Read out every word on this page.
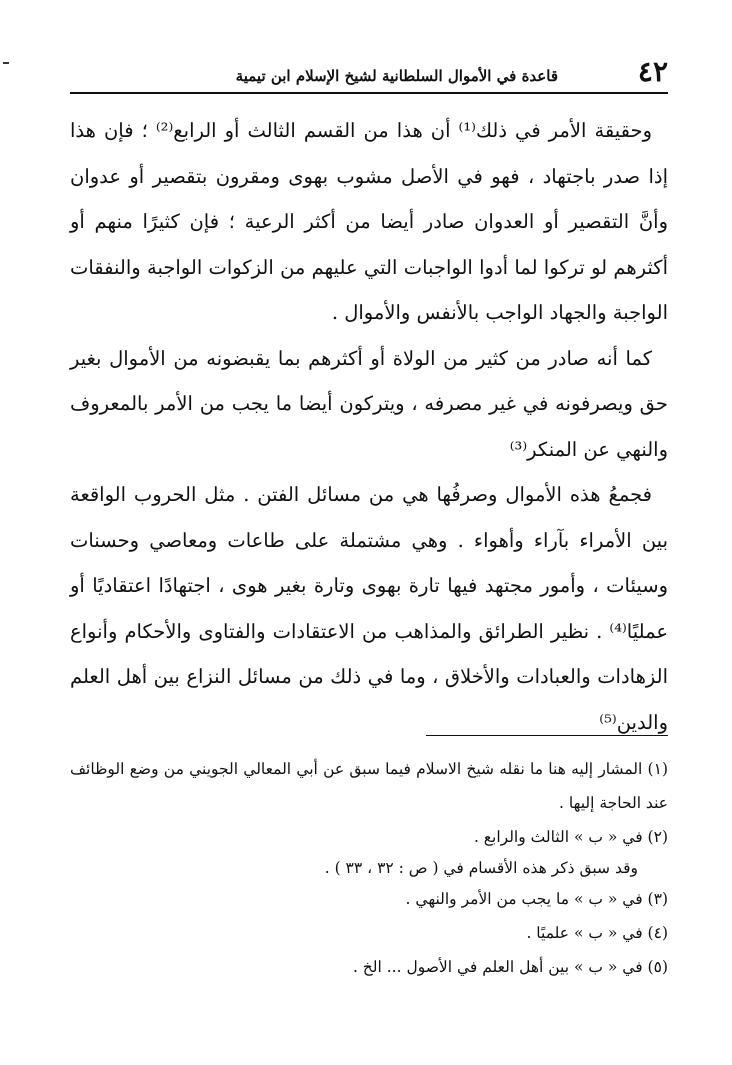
٤٢
قاعدة في الأموال السلطانية لشيخ الإسلام ابن تيمية

وحقيقة الأمر في ذلك⁽¹⁾ أن هذا من القسم الثالث أو الرابع⁽²⁾ ؛ فإن هذا إذا صدر باجتهاد ، فهو في الأصل مشوب بهوى ومقرون بتقصير أو عدوان وأنَّ التقصير أو العدوان صادر أيضا من أكثر الرعية ؛ فإن كثيرًا منهم أو أكثرهم لو تركوا لما أدوا الواجبات التي عليهم من الزكوات الواجبة والنفقات الواجبة والجهاد الواجب بالأنفس والأموال .

كما أنه صادر من كثير من الولاة أو أكثرهم بما يقبضونه من الأموال بغير حق ويصرفونه في غير مصرفه ، ويتركون أيضا ما يجب من الأمر بالمعروف والنهي عن المنكر⁽³⁾

فجمعُ هذه الأموال وصرفُها هي من مسائل الفتن . مثل الحروب الواقعة بين الأمراء بآراء وأهواء . وهي مشتملة على طاعات ومعاصي وحسنات وسيئات ، وأمور مجتهد فيها تارة بهوى وتارة بغير هوى ، اجتهادًا اعتقاديًا أو عمليًا⁽⁴⁾ . نظير الطرائق والمذاهب من الاعتقادات والفتاوى والأحكام وأنواع الزهادات والعبادات والأخلاق ، وما في ذلك من مسائل النزاع بين أهل العلم والدين⁽⁵⁾

(١) المشار إليه هنا ما نقله شيخ الاسلام فيما سبق عن أبي المعالي الجويني من وضع الوظائف عند الحاجة إليها .

(٢) في « ب » الثالث والرابع .

وقد سبق ذكر هذه الأقسام في ( ص : ٣٢ ، ٣٣ ) .

(٣) في « ب » ما يجب من الأمر والنهي .

(٤) في « ب » علميًا .

(٥) في « ب » بين أهل العلم في الأصول ... الخ .
